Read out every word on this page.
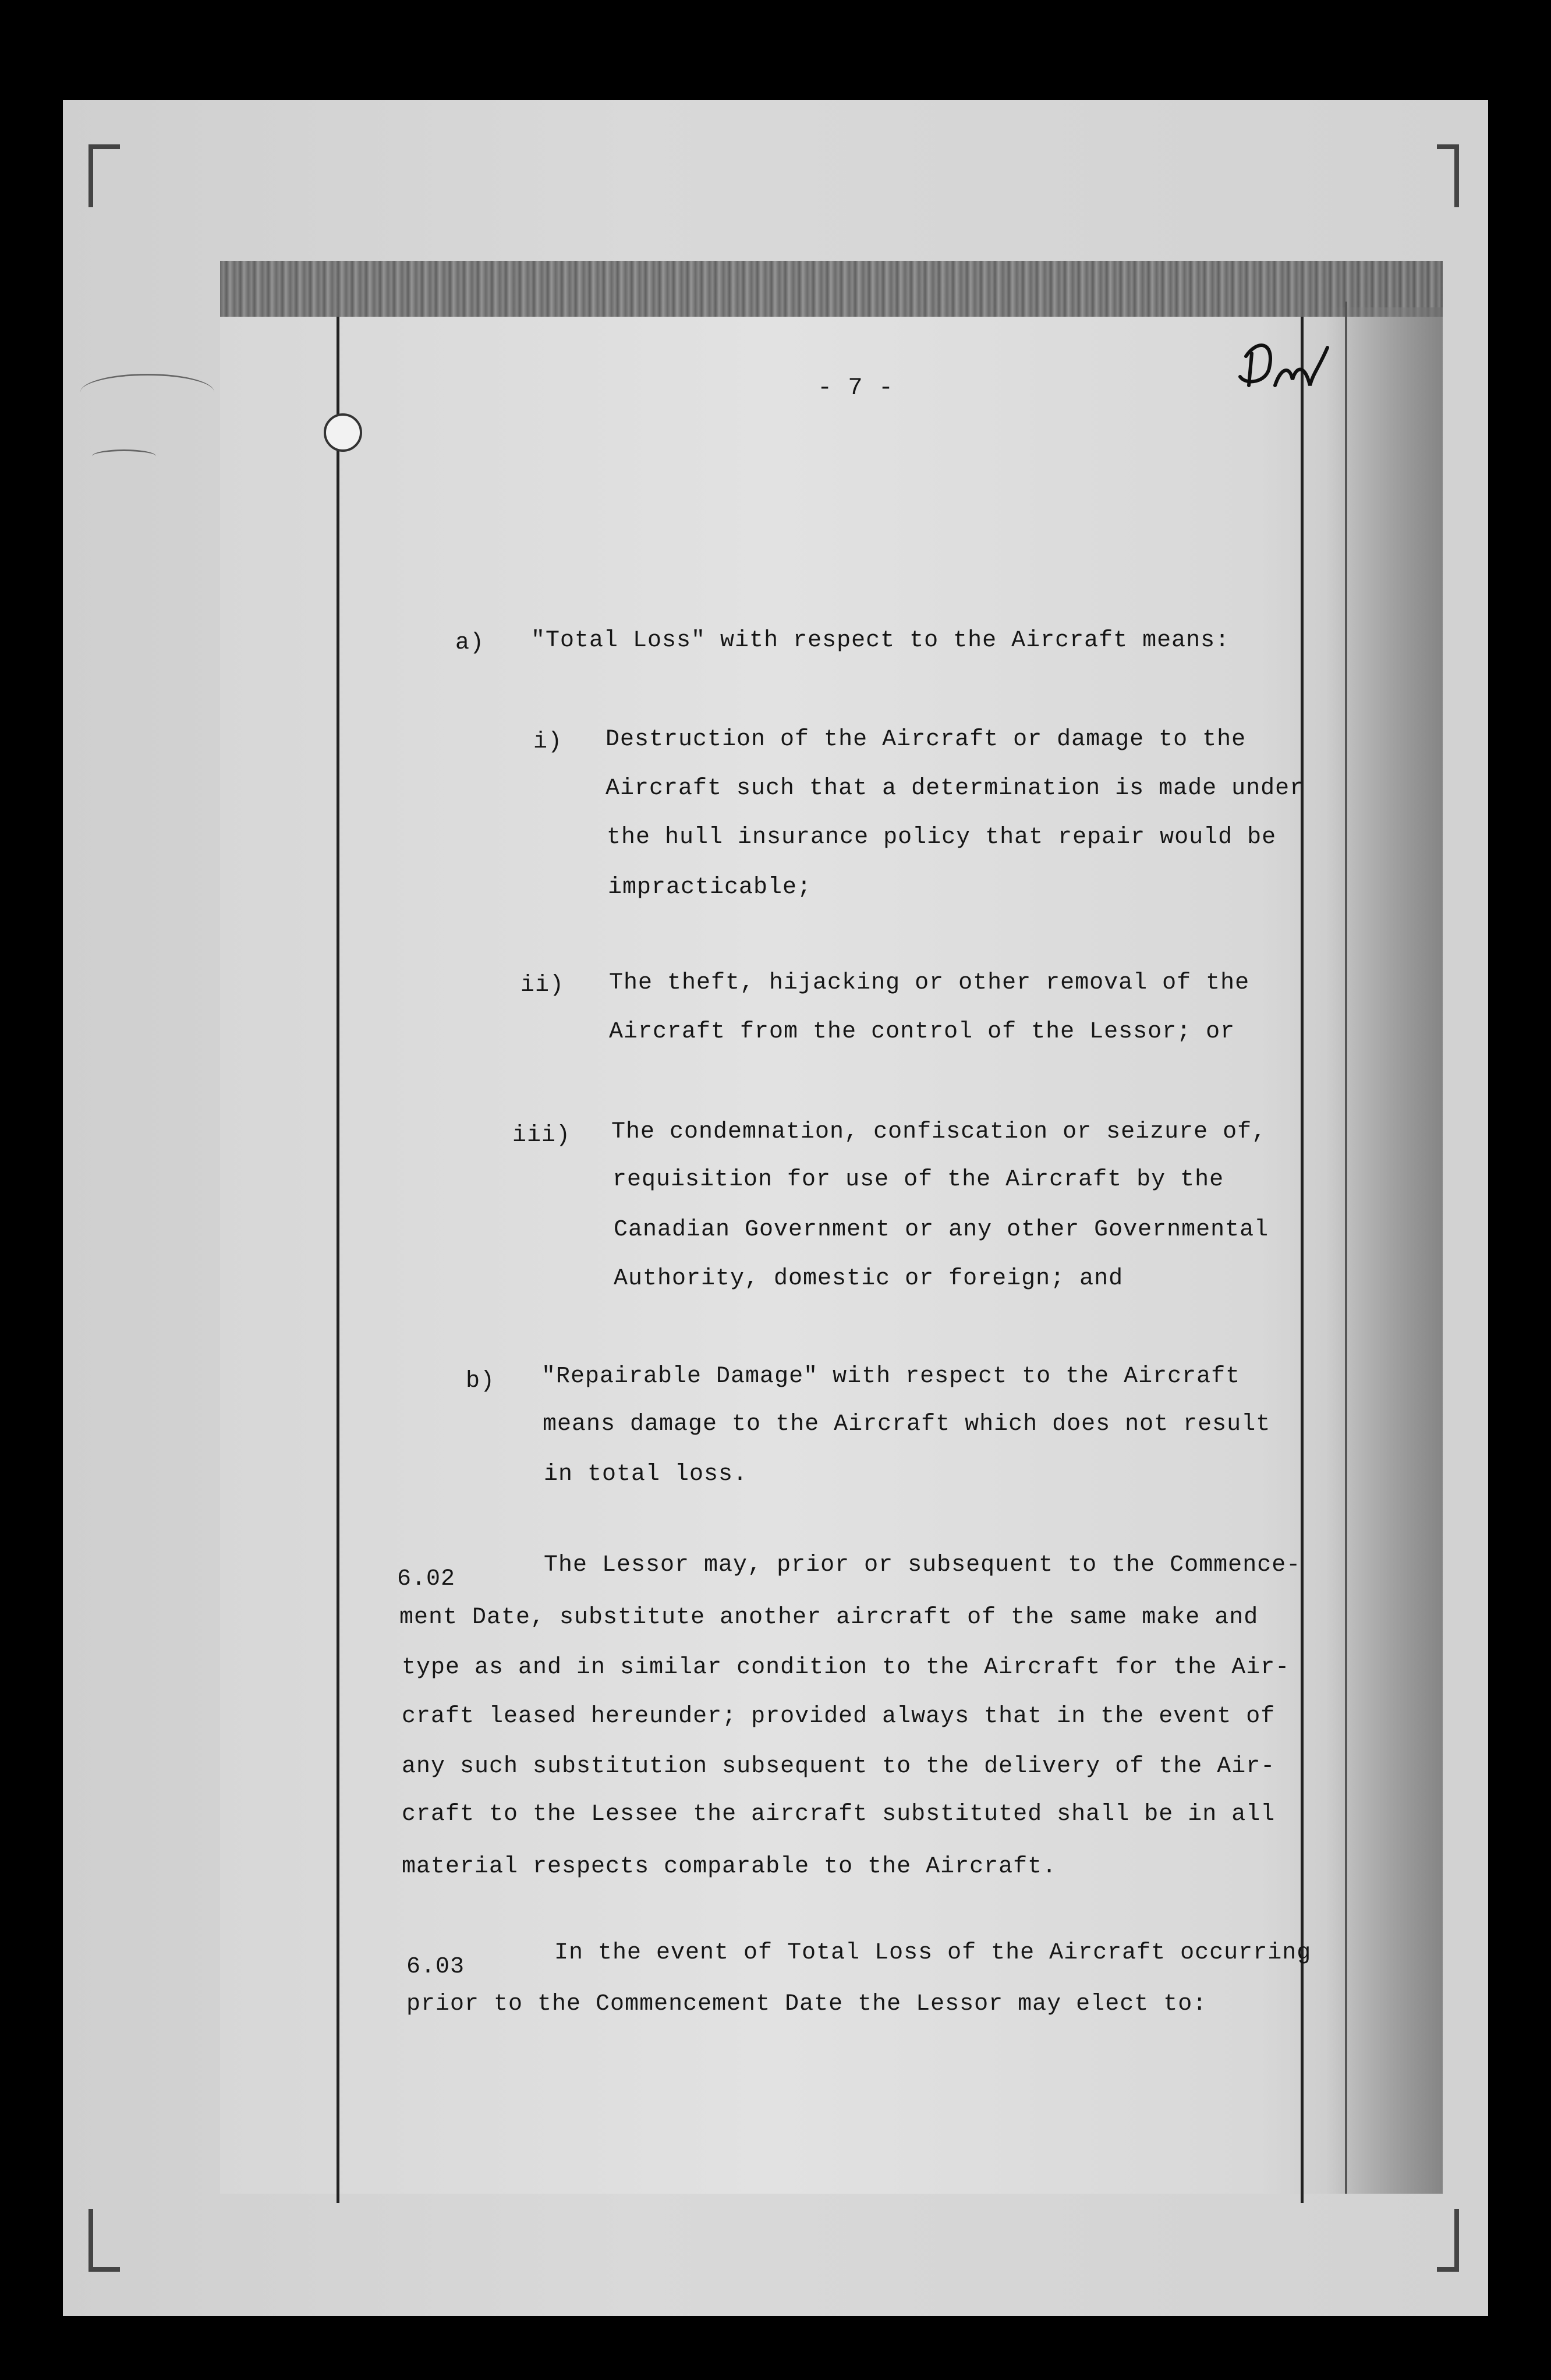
- 7 -
Dn
a) "Total Loss" with respect to the Aircraft means:
i) Destruction of the Aircraft or damage to the
Aircraft such that a determination is made under
the hull insurance policy that repair would be
impracticable;
ii) The theft, hijacking or other removal of the
Aircraft from the control of the Lessor; or
iii) The condemnation, confiscation or seizure of,
requisition for use of the Aircraft by the
Canadian Government or any other Governmental
Authority, domestic or foreign; and
b) "Repairable Damage" with respect to the Aircraft
means damage to the Aircraft which does not result
in total loss.
6.02
The Lessor may, prior or subsequent to the Commence-
ment Date, substitute another aircraft of the same make and
type as and in similar condition to the Aircraft for the Air-
craft leased hereunder; provided always that in the event of
any such substitution subsequent to the delivery of the Air-
craft to the Lessee the aircraft substituted shall be in all
material respects comparable to the Aircraft.
6.03
In the event of Total Loss of the Aircraft occurring
prior to the Commencement Date the Lessor may elect to:
